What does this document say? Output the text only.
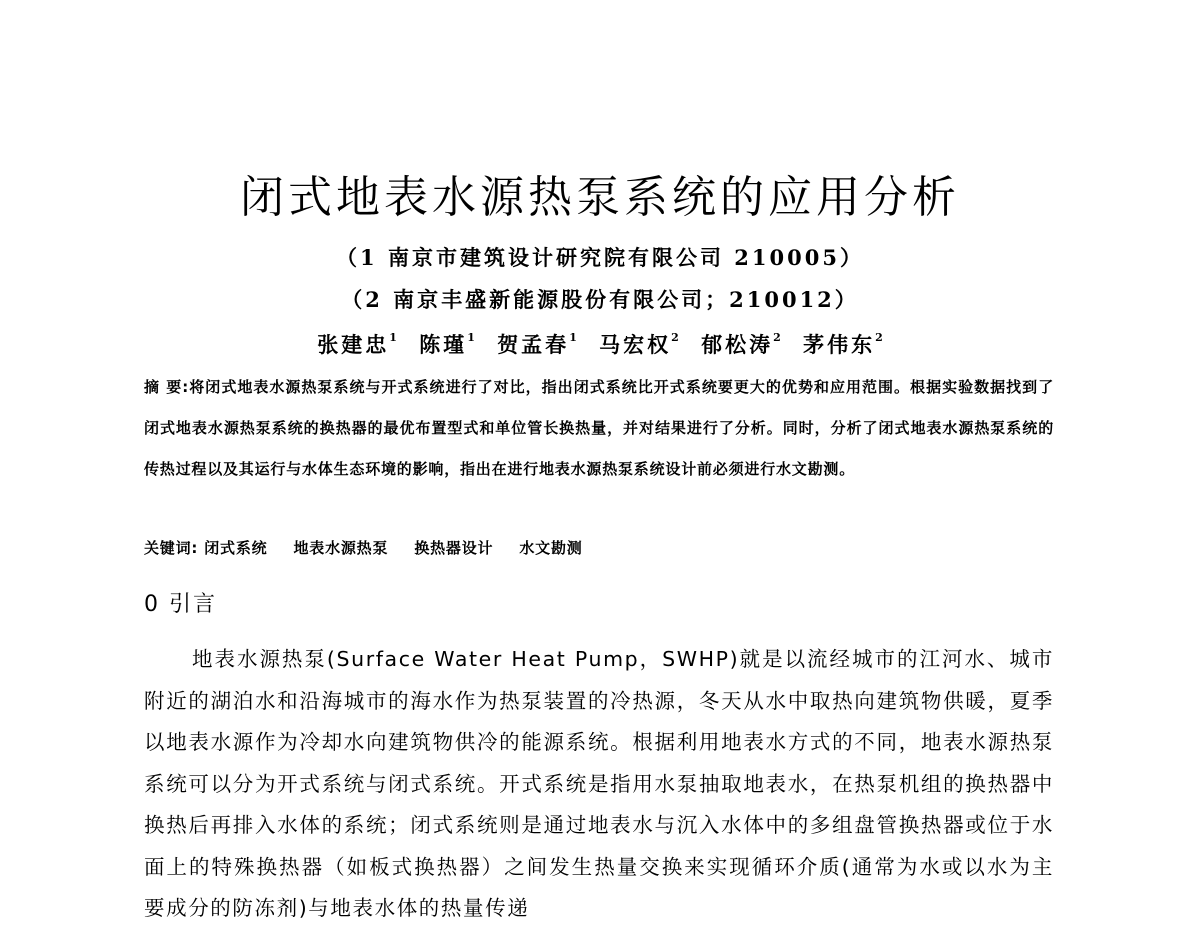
闭式地表水源热泵系统的应用分析
（1 南京市建筑设计研究院有限公司 210005）
（2 南京丰盛新能源股份有限公司；210012）
张建忠$^1$ 陈瑾$^1$ 贺孟春$^1$ 马宏权$^2$ 郁松涛$^2$ 茅伟东$^2$
摘 要:将闭式地表水源热泵系统与开式系统进行了对比，指出闭式系统比开式系统要更大的优势和应用范围。根据实验数据找到了闭式地表水源热泵系统的换热器的最优布置型式和单位管长换热量，并对结果进行了分析。同时，分析了闭式地表水源热泵系统的传热过程以及其运行与水体生态环境的影响，指出在进行地表水源热泵系统设计前必须进行水文勘测。
关键词: 闭式系统 地表水源热泵 换热器设计 水文勘测
0 引言

地表水源热泵(Surface Water Heat Pump，SWHP)就是以流经城市的江河水、城市附近的湖泊水和沿海城市的海水作为热泵装置的冷热源，冬天从水中取热向建筑物供暖，夏季以地表水源作为冷却水向建筑物供冷的能源系统。根据利用地表水方式的不同，地表水源热泵系统可以分为开式系统与闭式系统。开式系统是指用水泵抽取地表水，在热泵机组的换热器中换热后再排入水体的系统；闭式系统则是通过地表水与沉入水体中的多组盘管换热器或位于水面上的特殊换热器（如板式换热器）之间发生热量交换来实现循环介质(通常为水或以水为主要成分的防冻剂)与地表水体的热量传递
